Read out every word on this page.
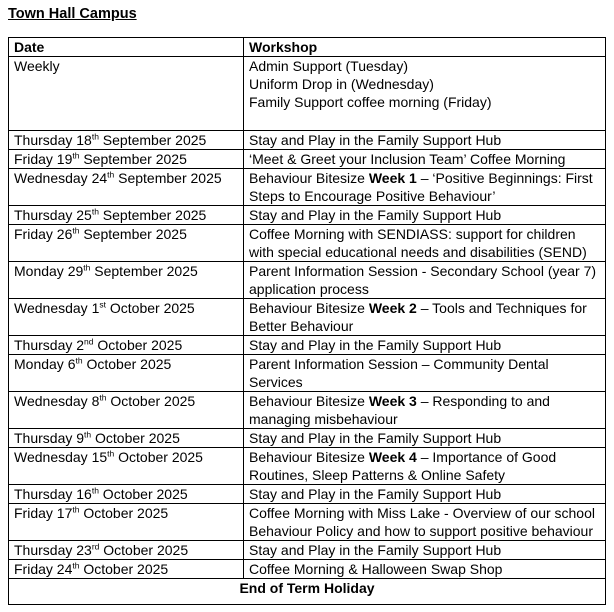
Town Hall Campus
Date	Workshop
Weekly	Admin Support (Tuesday)
Uniform Drop in (Wednesday)
Family Support coffee morning (Friday)

Thursday 18th September 2025	Stay and Play in the Family Support Hub

Friday 19th September 2025	‘Meet & Greet your Inclusion Team’ Coffee Morning

Wednesday 24th September 2025	Behaviour Bitesize Week 1 – ‘Positive Beginnings: First Steps to Encourage Positive Behaviour’

Thursday 25th September 2025	Stay and Play in the Family Support Hub

Friday 26th September 2025	Coffee Morning with SENDIASS: support for children with special educational needs and disabilities (SEND)

Monday 29th September 2025	Parent Information Session - Secondary School (year 7) application process

Wednesday 1st October 2025	Behaviour Bitesize Week 2 – Tools and Techniques for Better Behaviour

Thursday 2nd October 2025	Stay and Play in the Family Support Hub

Monday 6th October 2025	Parent Information Session – Community Dental Services

Wednesday 8th October 2025	Behaviour Bitesize Week 3 – Responding to and managing misbehaviour

Thursday 9th October 2025	Stay and Play in the Family Support Hub

Wednesday 15th October 2025	Behaviour Bitesize Week 4 – Importance of Good Routines, Sleep Patterns & Online Safety

Thursday 16th October 2025	Stay and Play in the Family Support Hub

Friday 17th October 2025	Coffee Morning with Miss Lake - Overview of our school Behaviour Policy and how to support positive behaviour

Thursday 23rd October 2025	Stay and Play in the Family Support Hub

Friday 24th October 2025	Coffee Morning & Halloween Swap Shop

End of Term Holiday	
